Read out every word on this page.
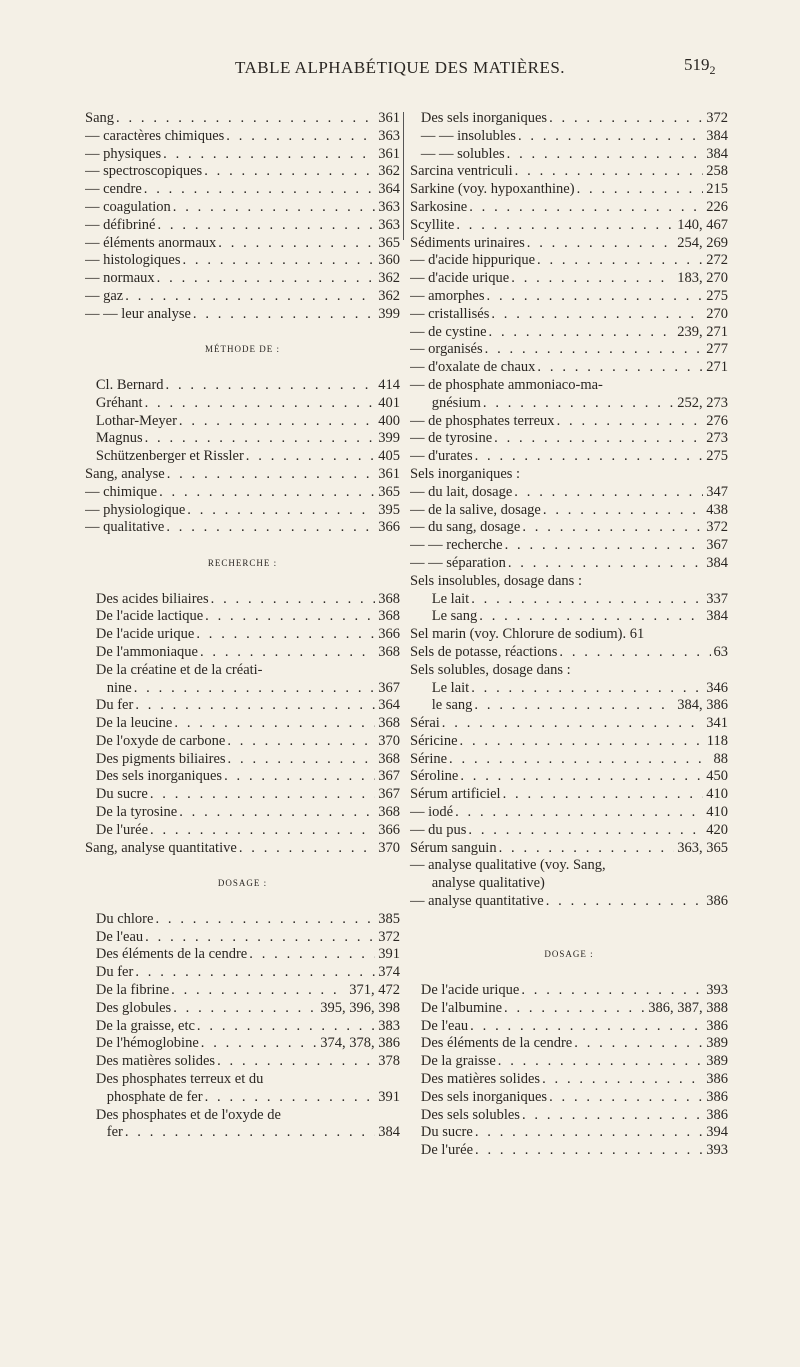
TABLE ALPHABÉTIQUE DES MATIÈRES.	$519_2$
Sang . . .	361
— caractères chimiques . . .	363
— physiques . . .	361
— spectroscopiques . . .	362
— cendre . . .	364
— coagulation . . .	363
— défibriné . . .	363
— éléments anormaux . . .	365
— histologiques . . .	360
— normaux . . .	362
— gaz . . .	362
— — leur analyse . . .	399
MÉTHODE DE :
Cl. Bernard . . .	414
Gréhant . . .	401
Lothar-Meyer . . .	400
Magnus . . .	399
Schützenberger et Rissler . . .	405
Sang, analyse . . .	361
— chimique . . .	365
— physiologique . . .	395
— qualitative . . .	366
RECHERCHE :
Des acides biliaires . . .	368
De l'acide lactique . . .	368
De l'acide urique . . .	366
De l'ammoniaque . . .	368
De la créatine et de la créati-
nine . . .	367
Du fer . . .	364
De la leucine . . .	368
De l'oxyde de carbone . . .	370
Des pigments biliaires . . .	368
Des sels inorganiques . . .	367
Du sucre . . .	367
De la tyrosine . . .	368
De l'urée . . .	366
Sang, analyse quantitative . . .	370
DOSAGE :
Du chlore . . .	385
De l'eau . . .	372
Des éléments de la cendre . . .	391
Du fer . . .	374
De la fibrine . . .	371, 472
Des globules . . .	395, 396, 398
De la graisse, etc . . .	383
De l'hémoglobine . . .	374, 378, 386
Des matières solides . . .	378
Des phosphates terreux et du
phosphate de fer . . .	391
Des phosphates et de l'oxyde de
fer . . .	384
Des sels inorganiques . . .	372
— — insolubles . . .	384
— — solubles . . .	384
Sarcina ventriculi . . .	258
Sarkine (voy. hypoxanthine) . . .	215
Sarkosine . . .	226
Scyllite . . .	140, 467
Sédiments urinaires . . .	254, 269
— d'acide hippurique . . .	272
— d'acide urique . . .	183, 270
— amorphes . . .	275
— cristallisés . . .	270
— de cystine . . .	239, 271
— organisés . . .	277
— d'oxalate de chaux . . .	271
— de phosphate ammoniaco-ma-
gnésium . . .	252, 273
— de phosphates terreux . . .	276
— de tyrosine . . .	273
— d'urates . . .	275
Sels inorganiques :
— du lait, dosage . . .	347
— de la salive, dosage . . .	438
— du sang, dosage . . .	372
— — recherche . . .	367
— — séparation . . .	384
Sels insolubles, dosage dans :
Le lait . . .	337
Le sang . . .	384
Sel marin (voy. Chlorure de sodium). 61
Sels de potasse, réactions . . .	63
Sels solubles, dosage dans :
Le lait . . .	346
le sang . . .	384, 386
Sérai . . .	341
Séricine . . .	118
Sérine . . .	88
Séroline . . .	450
Sérum artificiel . . .	410
— iodé . . .	410
— du pus . . .	420
Sérum sanguin . . .	363, 365
— analyse qualitative (voy. Sang,
analyse qualitative)
— analyse quantitative . . .	386
DOSAGE :
De l'acide urique . . .	393
De l'albumine . . .	386, 387, 388
De l'eau . . .	386
Des éléments de la cendre . . .	389
De la graisse . . .	389
Des matières solides . . .	386
Des sels inorganiques . . .	386
Des sels solubles . . .	386
Du sucre . . .	394
De l'urée . . .	393
